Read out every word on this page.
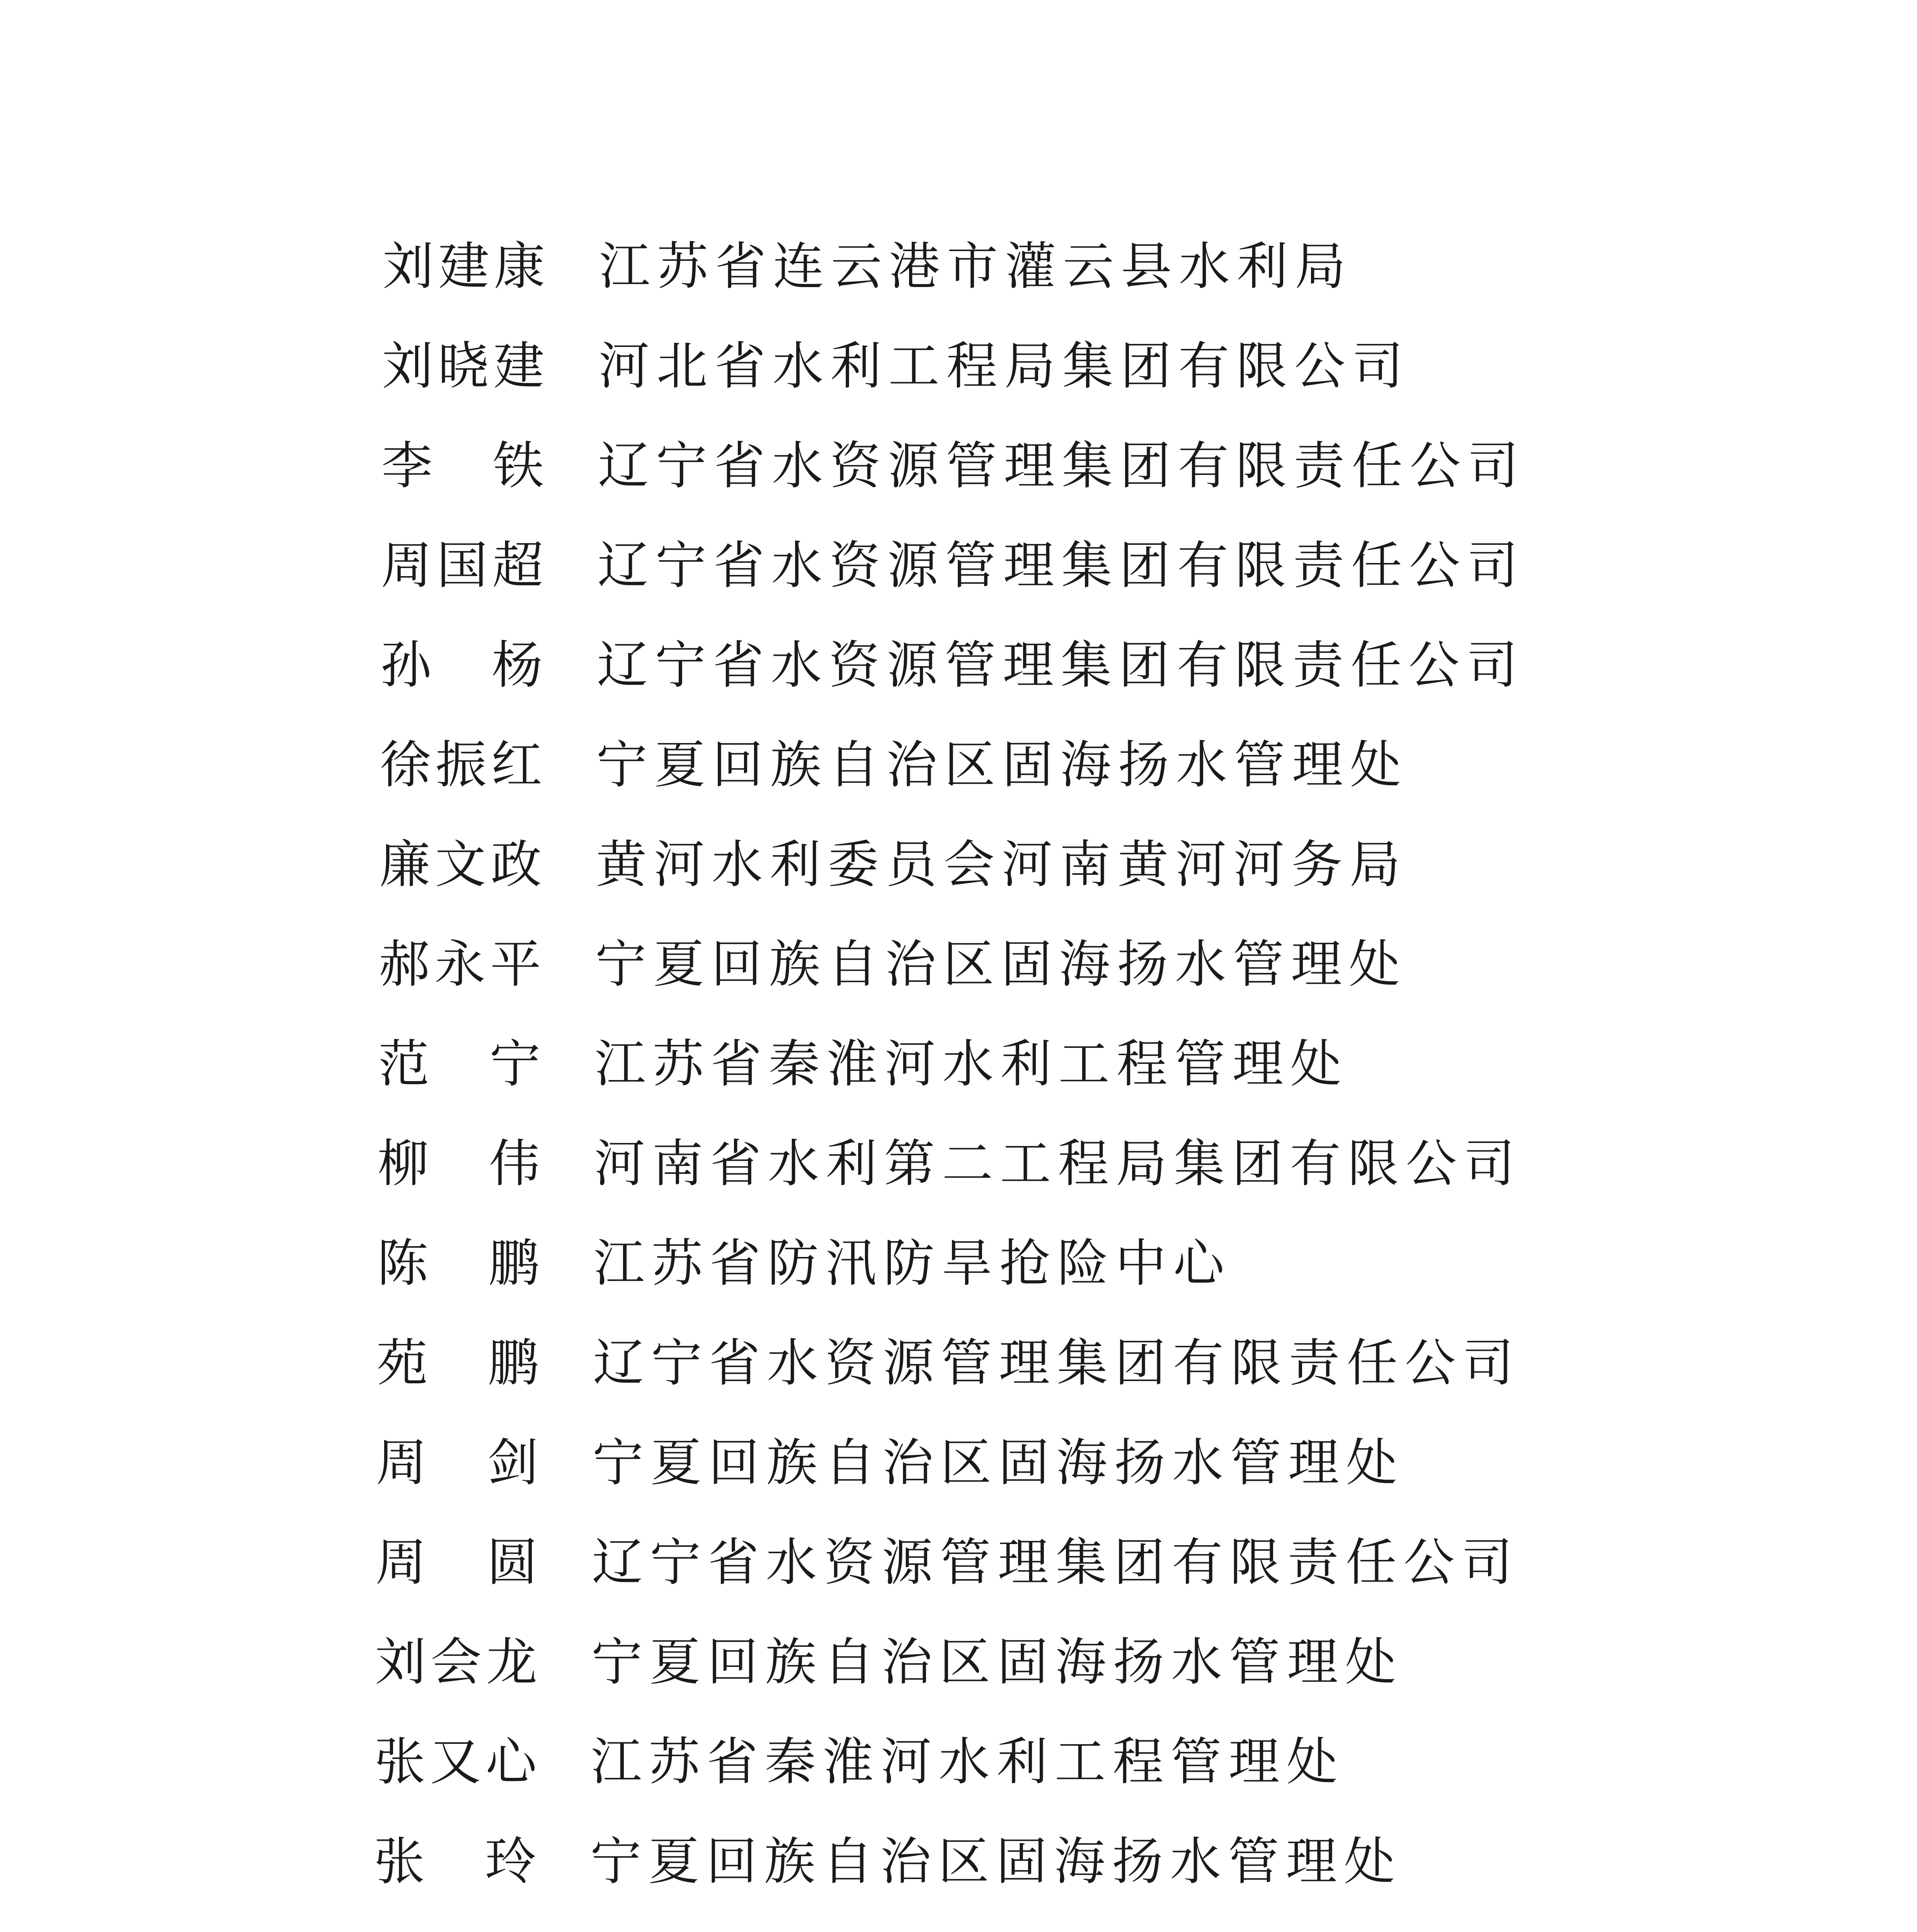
刘建康 江苏省连云港市灌云县水利局
刘晓建 河北省水利工程局集团有限公司
李 铁 辽宁省水资源管理集团有限责任公司
周国超 辽宁省水资源管理集团有限责任公司
孙 杨 辽宁省水资源管理集团有限责任公司
徐振红 宁夏回族自治区固海扬水管理处
廉文政 黄河水利委员会河南黄河河务局
郝永平 宁夏回族自治区固海扬水管理处
范 宁 江苏省秦淮河水利工程管理处
柳 伟 河南省水利第二工程局集团有限公司
陈 鹏 江苏省防汛防旱抢险中心
苑 鹏 辽宁省水资源管理集团有限责任公司
周 剑 宁夏回族自治区固海扬水管理处
周 圆 辽宁省水资源管理集团有限责任公司
刘会龙 宁夏回族自治区固海扬水管理处
张又心 江苏省秦淮河水利工程管理处
张 玲 宁夏回族自治区固海扬水管理处
